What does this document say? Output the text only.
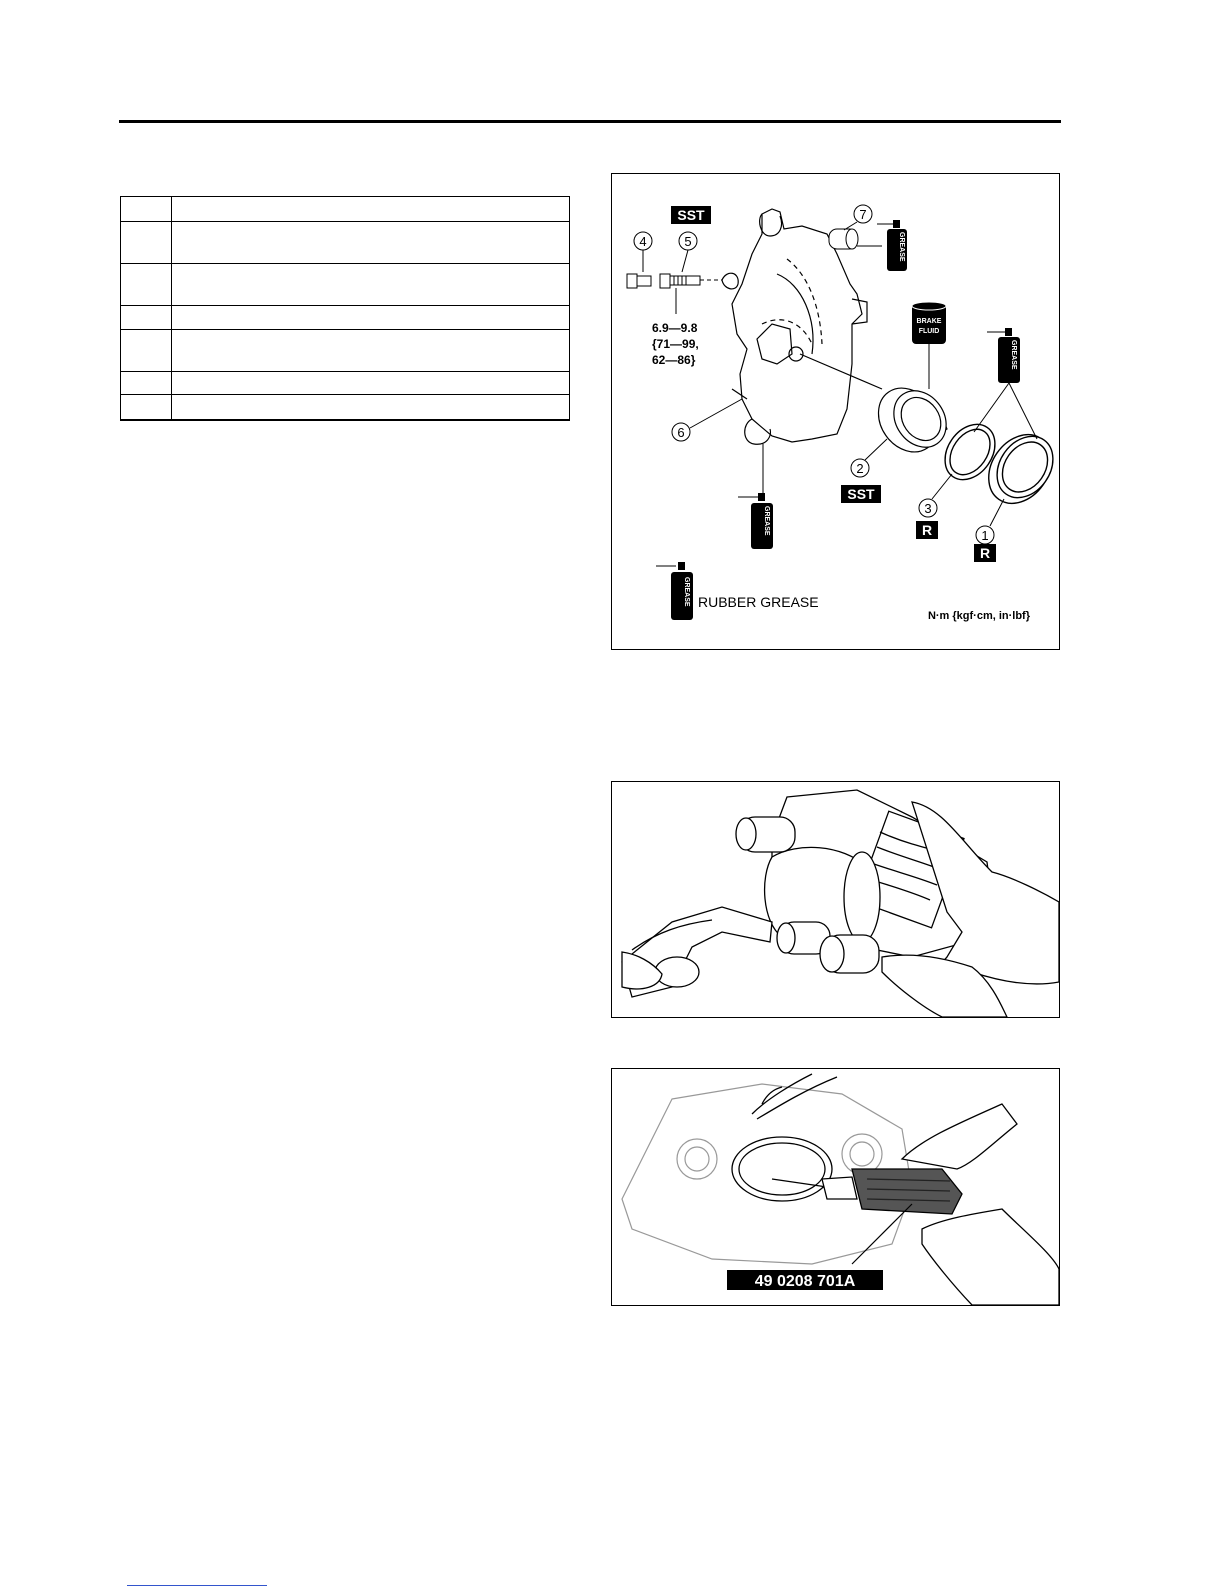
SST
4	5
6.9—9.8
{71—99,
62—86}
6
7
GREASE
BRAKE
FLUID
2
SST
3
R	1
R
GREASE
GREASE
GREASE RUBBER GREASE
N·m {kgf·cm, in·lbf}
49 0208 701A
